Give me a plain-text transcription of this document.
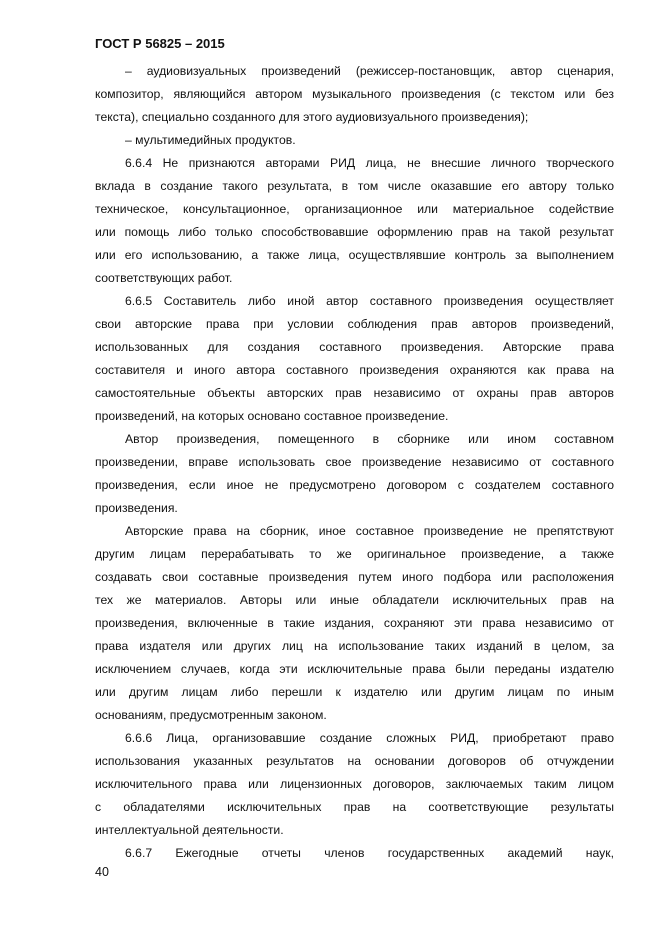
ГОСТ Р 56825 – 2015
– аудиовизуальных произведений (режиссер-постановщик, автор сценария,
композитор, являющийся автором музыкального произведения (с текстом или без
текста), специально созданного для этого аудиовизуального произведения);
– мультимедийных продуктов.
6.6.4 Не признаются авторами РИД лица, не внесшие личного творческого
вклада в создание такого результата, в том числе оказавшие его автору только
техническое, консультационное, организационное или материальное содействие
или помощь либо только способствовавшие оформлению прав на такой результат
или его использованию, а также лица, осуществлявшие контроль за выполнением
соответствующих работ.
6.6.5 Составитель либо иной автор составного произведения осуществляет
свои авторские права при условии соблюдения прав авторов произведений,
использованных для создания составного произведения. Авторские права
составителя и иного автора составного произведения охраняются как права на
самостоятельные объекты авторских прав независимо от охраны прав авторов
произведений, на которых основано составное произведение.
Автор произведения, помещенного в сборнике или ином составном
произведении, вправе использовать свое произведение независимо от составного
произведения, если иное не предусмотрено договором с создателем составного
произведения.
Авторские права на сборник, иное составное произведение не препятствуют
другим лицам перерабатывать то же оригинальное произведение, а также
создавать свои составные произведения путем иного подбора или расположения
тех же материалов. Авторы или иные обладатели исключительных прав на
произведения, включенные в такие издания, сохраняют эти права независимо от
права издателя или других лиц на использование таких изданий в целом, за
исключением случаев, когда эти исключительные права были переданы издателю
или другим лицам либо перешли к издателю или другим лицам по иным
основаниям, предусмотренным законом.
6.6.6 Лица, организовавшие создание сложных РИД, приобретают право
использования указанных результатов на основании договоров об отчуждении
исключительного права или лицензионных договоров, заключаемых таким лицом
с обладателями исключительных прав на соответствующие результаты
интеллектуальной деятельности.
6.6.7 Ежегодные отчеты членов государственных академий наук,
40
